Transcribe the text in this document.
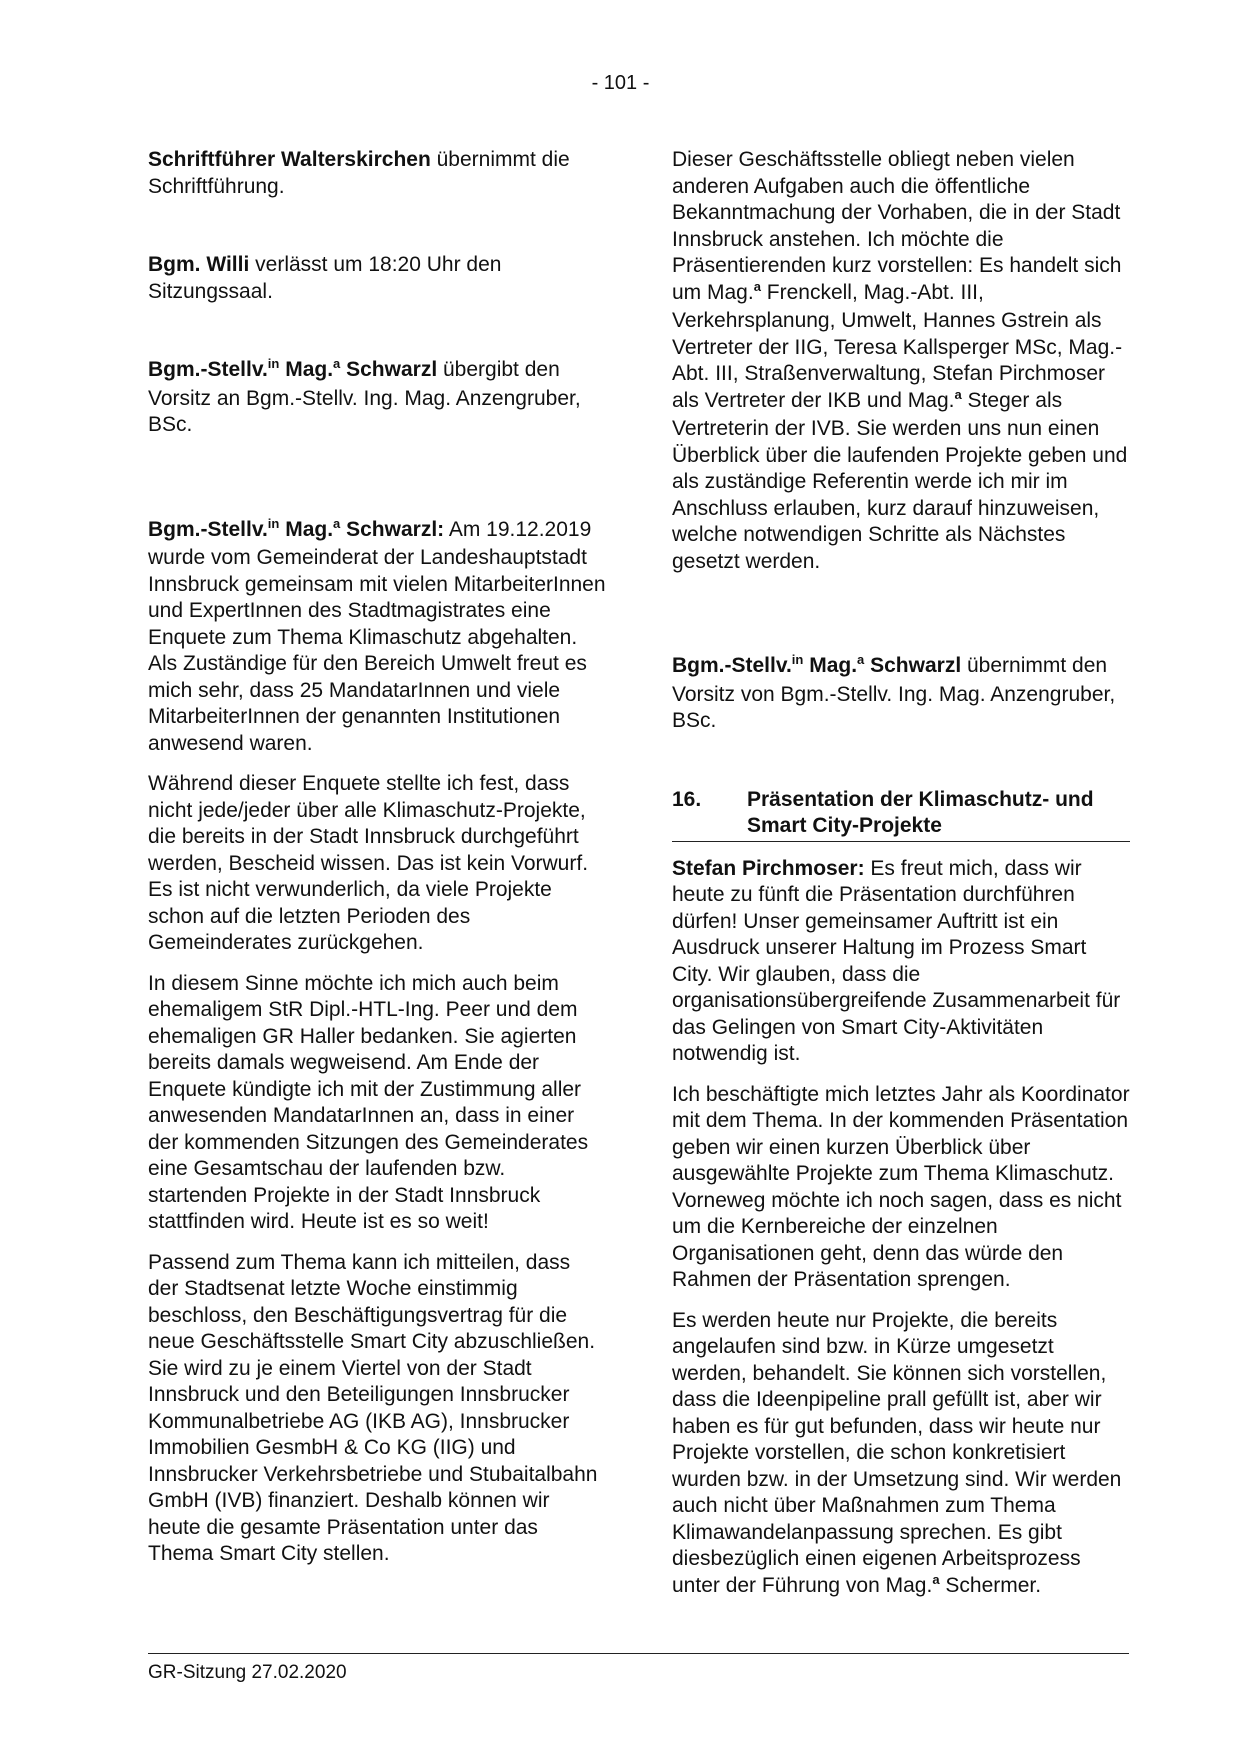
- 101 -

Schriftführer Walterskirchen übernimmt die Schriftführung.

Bgm. Willi verlässt um 18:20 Uhr den Sitzungssaal.

Bgm.-Stellv.$^{in}$ Mag.$^a$ Schwarzl übergibt den Vorsitz an Bgm.-Stellv. Ing. Mag. Anzengruber, BSc.

Bgm.-Stellv.$^{in}$ Mag.$^a$ Schwarzl: Am 19.12.2019 wurde vom Gemeinderat der Landeshauptstadt Innsbruck gemeinsam mit vielen MitarbeiterInnen und ExpertInnen des Stadtmagistrates eine Enquete zum Thema Klimaschutz abgehalten. Als Zuständige für den Bereich Umwelt freut es mich sehr, dass 25 MandatarInnen und viele MitarbeiterInnen der genannten Institutionen anwesend waren.

Während dieser Enquete stellte ich fest, dass nicht jede/jeder über alle Klimaschutz-Projekte, die bereits in der Stadt Innsbruck durchgeführt werden, Bescheid wissen. Das ist kein Vorwurf. Es ist nicht verwunderlich, da viele Projekte schon auf die letzten Perioden des Gemeinderates zurückgehen.

In diesem Sinne möchte ich mich auch beim ehemaligem StR Dipl.-HTL-Ing. Peer und dem ehemaligen GR Haller bedanken. Sie agierten bereits damals wegweisend. Am Ende der Enquete kündigte ich mit der Zustimmung aller anwesenden MandatarInnen an, dass in einer der kommenden Sitzungen des Gemeinderates eine Gesamtschau der laufenden bzw. startenden Projekte in der Stadt Innsbruck stattfinden wird. Heute ist es so weit!

Passend zum Thema kann ich mitteilen, dass der Stadtsenat letzte Woche einstimmig beschloss, den Beschäftigungsvertrag für die neue Geschäftsstelle Smart City abzuschließen. Sie wird zu je einem Viertel von der Stadt Innsbruck und den Beteiligungen Innsbrucker Kommunalbetriebe AG (IKB AG), Innsbrucker Immobilien GesmbH & Co KG (IIG) und Innsbrucker Verkehrsbetriebe und Stubaitalbahn GmbH (IVB) finanziert. Deshalb können wir heute die gesamte Präsentation unter das Thema Smart City stellen.

Dieser Geschäftsstelle obliegt neben vielen anderen Aufgaben auch die öffentliche Bekanntmachung der Vorhaben, die in der Stadt Innsbruck anstehen. Ich möchte die Präsentierenden kurz vorstellen: Es handelt sich um Mag.$^a$ Frenckell, Mag.-Abt. III, Verkehrsplanung, Umwelt, Hannes Gstrein als Vertreter der IIG, Teresa Kallsperger MSc, Mag.-Abt. III, Straßenverwaltung, Stefan Pirchmoser als Vertreter der IKB und Mag.$^a$ Steger als Vertreterin der IVB. Sie werden uns nun einen Überblick über die laufenden Projekte geben und als zuständige Referentin werde ich mir im Anschluss erlauben, kurz darauf hinzuweisen, welche notwendigen Schritte als Nächstes gesetzt werden.

Bgm.-Stellv.$^{in}$ Mag.$^a$ Schwarzl übernimmt den Vorsitz von Bgm.-Stellv. Ing. Mag. Anzengruber, BSc.

16.	Präsentation der Klimaschutz- und Smart City-Projekte

Stefan Pirchmoser: Es freut mich, dass wir heute zu fünft die Präsentation durchführen dürfen! Unser gemeinsamer Auftritt ist ein Ausdruck unserer Haltung im Prozess Smart City. Wir glauben, dass die organisationsübergreifende Zusammenarbeit für das Gelingen von Smart City-Aktivitäten notwendig ist.

Ich beschäftigte mich letztes Jahr als Koordinator mit dem Thema. In der kommenden Präsentation geben wir einen kurzen Überblick über ausgewählte Projekte zum Thema Klimaschutz. Vorneweg möchte ich noch sagen, dass es nicht um die Kernbereiche der einzelnen Organisationen geht, denn das würde den Rahmen der Präsentation sprengen.

Es werden heute nur Projekte, die bereits angelaufen sind bzw. in Kürze umgesetzt werden, behandelt. Sie können sich vorstellen, dass die Ideenpipeline prall gefüllt ist, aber wir haben es für gut befunden, dass wir heute nur Projekte vorstellen, die schon konkretisiert wurden bzw. in der Umsetzung sind. Wir werden auch nicht über Maßnahmen zum Thema Klimawandelanpassung sprechen. Es gibt diesbezüglich einen eigenen Arbeitsprozess unter der Führung von Mag.$^a$ Schermer.

GR-Sitzung 27.02.2020
